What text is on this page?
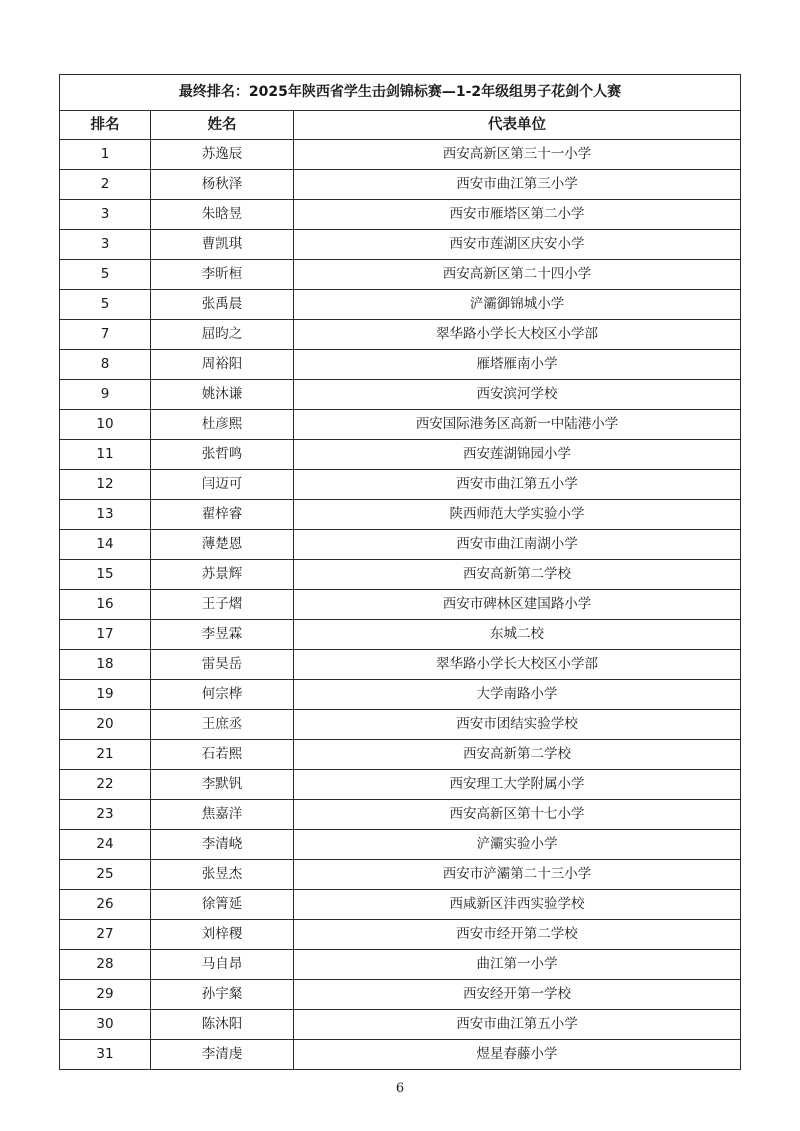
最终排名：2025年陕西省学生击剑锦标赛—1-2年级组男子花剑个人赛		
排名	姓名	代表单位
1	苏逸辰	西安高新区第三十一小学
2	杨秋泽	西安市曲江第三小学
3	朱晗昱	西安市雁塔区第二小学
3	曹凯琪	西安市莲湖区庆安小学
5	李昕桓	西安高新区第二十四小学
5	张禹晨	浐灞御锦城小学
7	屈昀之	翠华路小学长大校区小学部
8	周裕阳	雁塔雁南小学
9	姚沐谦	西安滨河学校
10	杜彦熙	西安国际港务区高新一中陆港小学
11	张哲鸣	西安莲湖锦园小学
12	闫迈可	西安市曲江第五小学
13	翟梓睿	陕西师范大学实验小学
14	薄楚恩	西安市曲江南湖小学
15	苏景辉	西安高新第二学校
16	王子熠	西安市碑林区建国路小学
17	李昱霖	东城二校
18	雷昊岳	翠华路小学长大校区小学部
19	何宗桦	大学南路小学
20	王庶丞	西安市团结实验学校
21	石若熙	西安高新第二学校
22	李默钒	西安理工大学附属小学
23	焦嘉洋	西安高新区第十七小学
24	李清峣	浐灞实验小学
25	张昱杰	西安市浐灞第二十三小学
26	徐箐延	西咸新区沣西实验学校
27	刘梓稷	西安市经开第二学校
28	马自昂	曲江第一小学
29	孙宇粲	西安经开第一学校
30	陈沐阳	西安市曲江第五小学
31	李清虔	煜星春藤小学
6
